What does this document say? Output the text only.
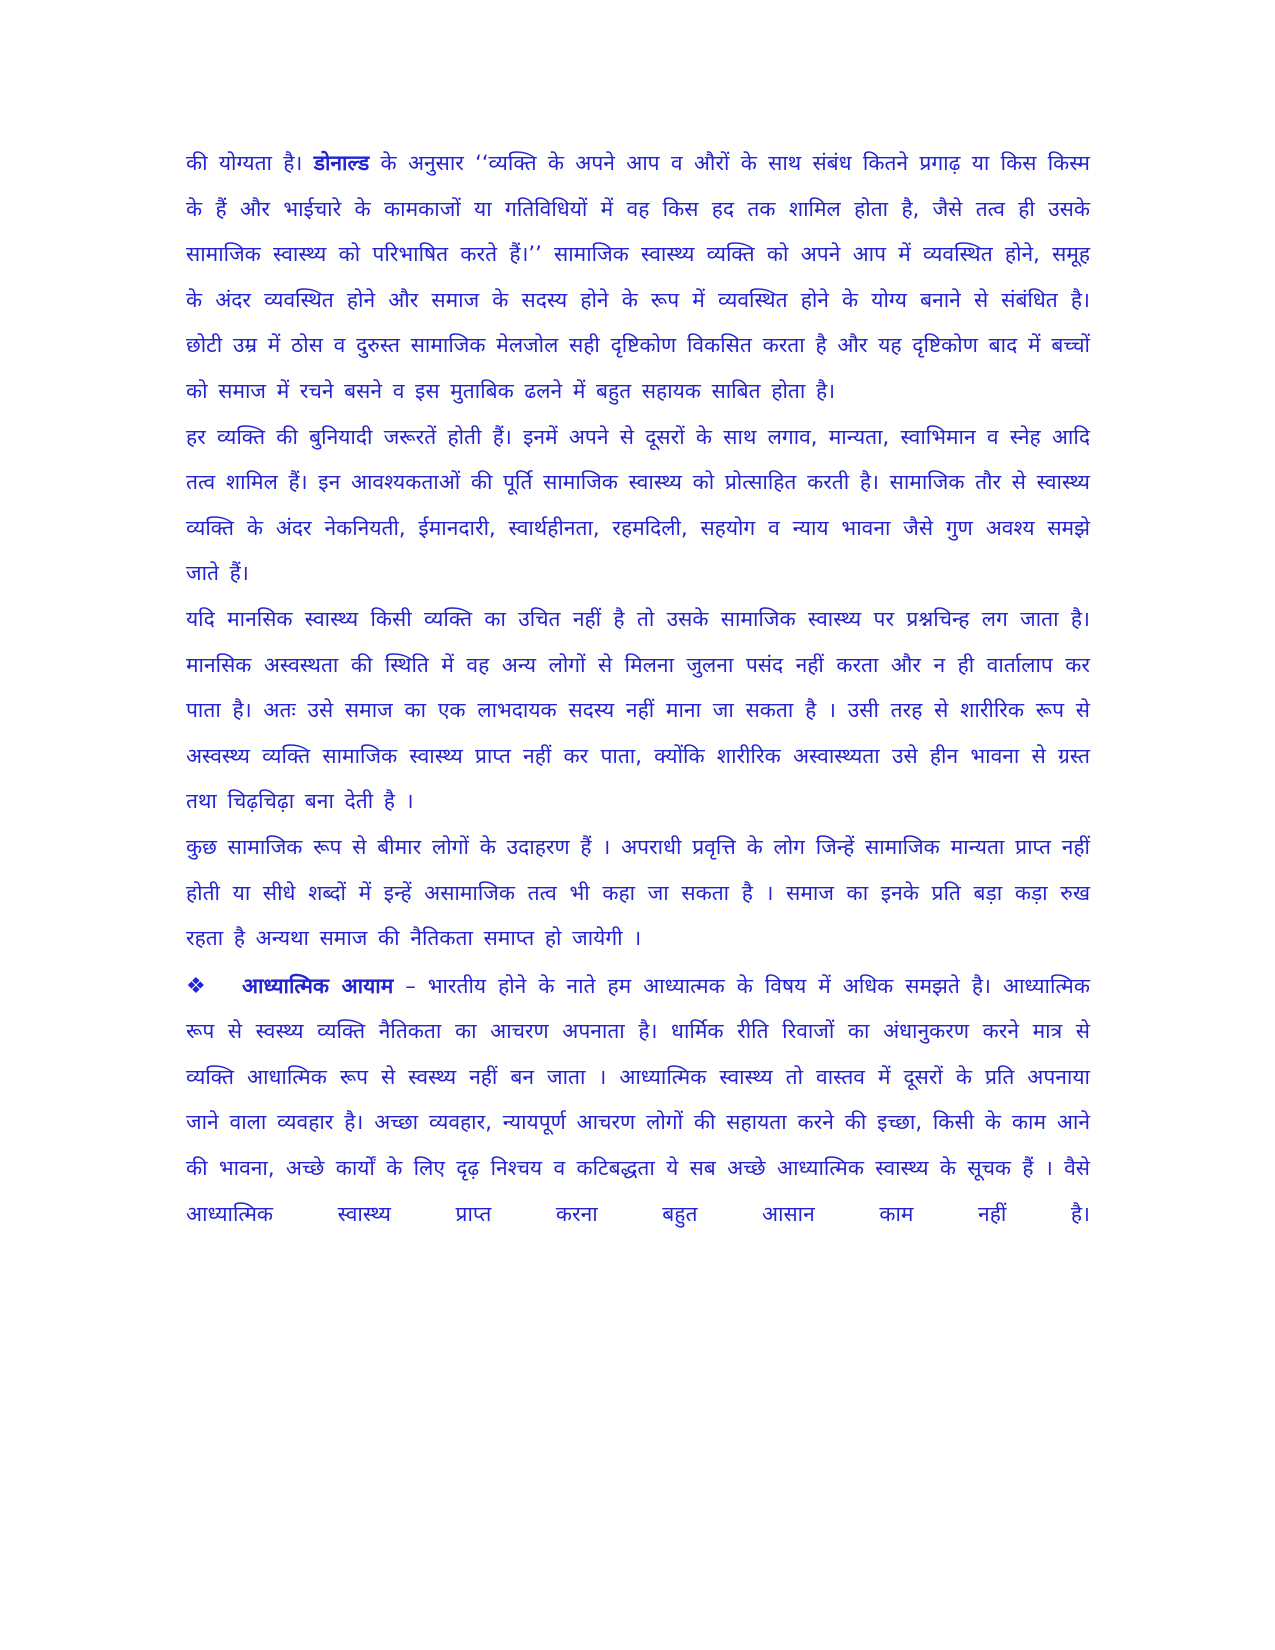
की योग्यता है। डोनाल्ड के अनुसार ‘‘व्यक्ति के अपने आप व औरों के साथ संबंध कितने प्रगाढ़ या किस किस्म के हैं और भाईचारे के कामकाजों या गतिविधियों में वह किस हद तक शामिल होता है, जैसे तत्व ही उसके सामाजिक स्वास्थ्य को परिभाषित करते हैं।’’ सामाजिक स्वास्थ्य व्यक्ति को अपने आप में व्यवस्थित होने, समूह के अंदर व्यवस्थित होने और समाज के सदस्य होने के रूप में व्यवस्थित होने के योग्य बनाने से संबंधित है। छोटी उम्र में ठोस व दुरुस्त सामाजिक मेलजोल सही दृष्टिकोण विकसित करता है और यह दृष्टिकोण बाद में बच्चों को समाज में रचने बसने व इस मुताबिक ढलने में बहुत सहायक साबित होता है।

हर व्यक्ति की बुनियादी जरूरतें होती हैं। इनमें अपने से दूसरों के साथ लगाव, मान्यता, स्वाभिमान व स्नेह आदि तत्व शामिल हैं। इन आवश्यकताओं की पूर्ति सामाजिक स्वास्थ्य को प्रोत्साहित करती है। सामाजिक तौर से स्वास्थ्य व्यक्ति के अंदर नेकनियती, ईमानदारी, स्वार्थहीनता, रहमदिली, सहयोग व न्याय भावना जैसे गुण अवश्य समझे जाते हैं।

यदि मानसिक स्वास्थ्य किसी व्यक्ति का उचित नहीं है तो उसके सामाजिक स्वास्थ्य पर प्रश्नचिन्ह लग जाता है। मानसिक अस्वस्थता की स्थिति में वह अन्य लोगों से मिलना जुलना पसंद नहीं करता और न ही वार्तालाप कर पाता है। अतः उसे समाज का एक लाभदायक सदस्य नहीं माना जा सकता है । उसी तरह से शारीरिक रूप से अस्वस्थ्य व्यक्ति सामाजिक स्वास्थ्य प्राप्त नहीं कर पाता, क्योंकि शारीरिक अस्वास्थ्यता उसे हीन भावना से ग्रस्त तथा चिढ़चिढ़ा बना देती है ।

कुछ सामाजिक रूप से बीमार लोगों के उदाहरण हैं । अपराधी प्रवृत्ति के लोग जिन्हें सामाजिक मान्यता प्राप्त नहीं होती या सीधे शब्दों में इन्हें असामाजिक तत्व भी कहा जा सकता है । समाज का इनके प्रति बड़ा कड़ा रुख रहता है अन्यथा समाज की नैतिकता समाप्त हो जायेगी ।

❖ आध्यात्मिक आयाम – भारतीय होने के नाते हम आध्यात्मक के विषय में अधिक समझते है। आध्यात्मिक रूप से स्वस्थ्य व्यक्ति नैतिकता का आचरण अपनाता है। धार्मिक रीति रिवाजों का अंधानुकरण करने मात्र से व्यक्ति आधात्मिक रूप से स्वस्थ्य नहीं बन जाता । आध्यात्मिक स्वास्थ्य तो वास्तव में दूसरों के प्रति अपनाया जाने वाला व्यवहार है। अच्छा व्यवहार, न्यायपूर्ण आचरण लोगों की सहायता करने की इच्छा, किसी के काम आने की भावना, अच्छे कार्यों के लिए दृढ़ निश्चय व कटिबद्धता ये सब अच्छे आध्यात्मिक स्वास्थ्य के सूचक हैं । वैसे आध्यात्मिक स्वास्थ्य प्राप्त करना बहुत आसान काम नहीं है।
